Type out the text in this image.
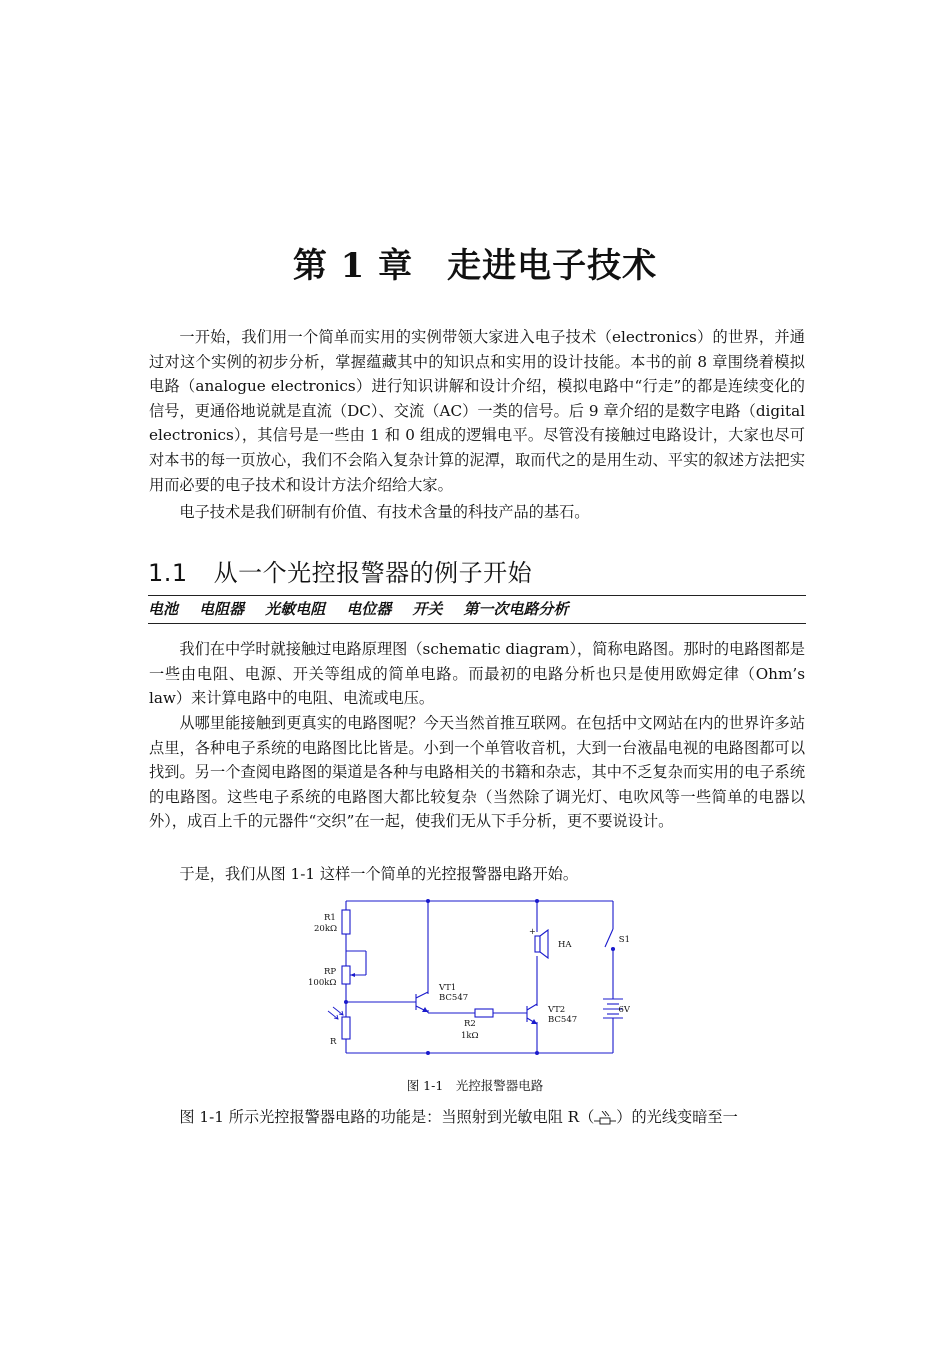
第 1 章 走进电子技术

一开始，我们用一个简单而实用的实例带领大家进入电子技术（electronics）的世界，并通过对这个实例的初步分析，掌握蕴藏其中的知识点和实用的设计技能。本书的前 8 章围绕着模拟电路（analogue electronics）进行知识讲解和设计介绍，模拟电路中“行走”的都是连续变化的信号，更通俗地说就是直流（DC）、交流（AC）一类的信号。后 9 章介绍的是数字电路（digital electronics），其信号是一些由 1 和 0 组成的逻辑电平。尽管没有接触过电路设计，大家也尽可对本书的每一页放心，我们不会陷入复杂计算的泥潭，取而代之的是用生动、平实的叙述方法把实用而必要的电子技术和设计方法介绍给大家。

电子技术是我们研制有价值、有技术含量的科技产品的基石。

1.1 从一个光控报警器的例子开始
电池 电阻器 光敏电阻 电位器 开关 第一次电路分析

我们在中学时就接触过电路原理图（schematic diagram），简称电路图。那时的电路图都是一些由电阻、电源、开关等组成的简单电路。而最初的电路分析也只是使用欧姆定律（Ohm’s law）来计算电路中的电阻、电流或电压。

从哪里能接触到更真实的电路图呢？今天当然首推互联网。在包括中文网站在内的世界许多站点里，各种电子系统的电路图比比皆是。小到一个单管收音机，大到一台液晶电视的电路图都可以找到。另一个查阅电路图的渠道是各种与电路相关的书籍和杂志，其中不乏复杂而实用的电子系统的电路图。这些电子系统的电路图大都比较复杂（当然除了调光灯、电吹风等一些简单的电器以外），成百上千的元器件“交织”在一起，使我们无从下手分析，更不要说设计。

于是，我们从图 1-1 这样一个简单的光控报警器电路开始。

+
R1
20kΩ
RP
100kΩ
R
VT1
BC547
R2
1kΩ
VT2
BC547
HA	S1
6V
图 1-1　光控报警器电路

图 1-1 所示光控报警器电路的功能是：当照射到光敏电阻 R（ ）的光线变暗至一
